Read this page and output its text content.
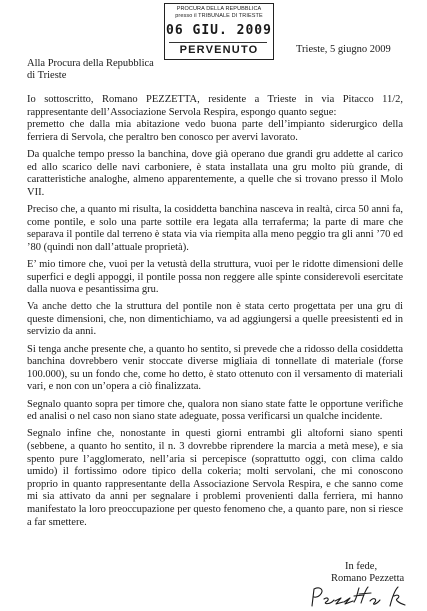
PROCURA DELLA REPUBBLICA
presso il TRIBUNALE DI TRIESTE
06 GIU. 2009
PERVENUTO	Trieste, 5 giugno 2009
Alla Procura della Repubblica
di Trieste

Io sottoscritto, Romano PEZZETTA, residente a Trieste in via Pitacco 11/2, rappresentante dell’Associazione Servola Respira, espongo quanto segue:

premetto che dalla mia abitazione vedo buona parte dell’impianto siderurgico della ferriera di Servola, che peraltro ben conosco per avervi lavorato.

Da qualche tempo presso la banchina, dove già operano due grandi gru addette al carico ed allo scarico delle navi carboniere, è stata installata una gru molto più grande, di caratteristiche analoghe, almeno apparentemente, a quelle che si trovano presso il Molo VII.

Preciso che, a quanto mi risulta, la cosiddetta banchina nasceva in realtà, circa 50 anni fa, come pontile, e solo una parte sottile era legata alla terraferma; la parte di mare che separava il pontile dal terreno è stata via via riempita alla meno peggio tra gli anni ’70 ed ’80 (quindi non dall’attuale proprietà).

E’ mio timore che, vuoi per la vetustà della struttura, vuoi per le ridotte dimensioni delle superfici e degli appoggi, il pontile possa non reggere alle spinte considerevoli esercitate dalla nuova e pesantissima gru.

Va anche detto che la struttura del pontile non è stata certo progettata per una gru di queste dimensioni, che, non dimentichiamo, va ad aggiungersi a quelle preesistenti ed in servizio da anni.

Si tenga anche presente che, a quanto ho sentito, si prevede che a ridosso della cosiddetta banchina dovrebbero venir stoccate diverse migliaia di tonnellate di materiale (forse 100.000), su un fondo che, come ho detto, è stato ottenuto con il versamento di materiali vari, e non con un’opera a ciò finalizzata.

Segnalo quanto sopra per timore che, qualora non siano state fatte le opportune verifiche ed analisi o nel caso non siano state adeguate, possa verificarsi un qualche incidente.

Segnalo infine che, nonostante in questi giorni entrambi gli altoforni siano spenti (sebbene, a quanto ho sentito, il n. 3 dovrebbe riprendere la marcia a metà mese), e sia spento pure l’agglomerato, nell’aria si percepisce (soprattutto oggi, con clima caldo umido) il fortissimo odore tipico della cokeria; molti servolani, che mi conoscono proprio in quanto rappresentante della Associazione Servola Respira, e che sanno come mi sia attivato da anni per segnalare i problemi provenienti dalla ferriera, mi hanno manifestato la loro preoccupazione per questo fenomeno che, a quanto pare, non si riesce a far smettere.

In fede,
Romano Pezzetta
